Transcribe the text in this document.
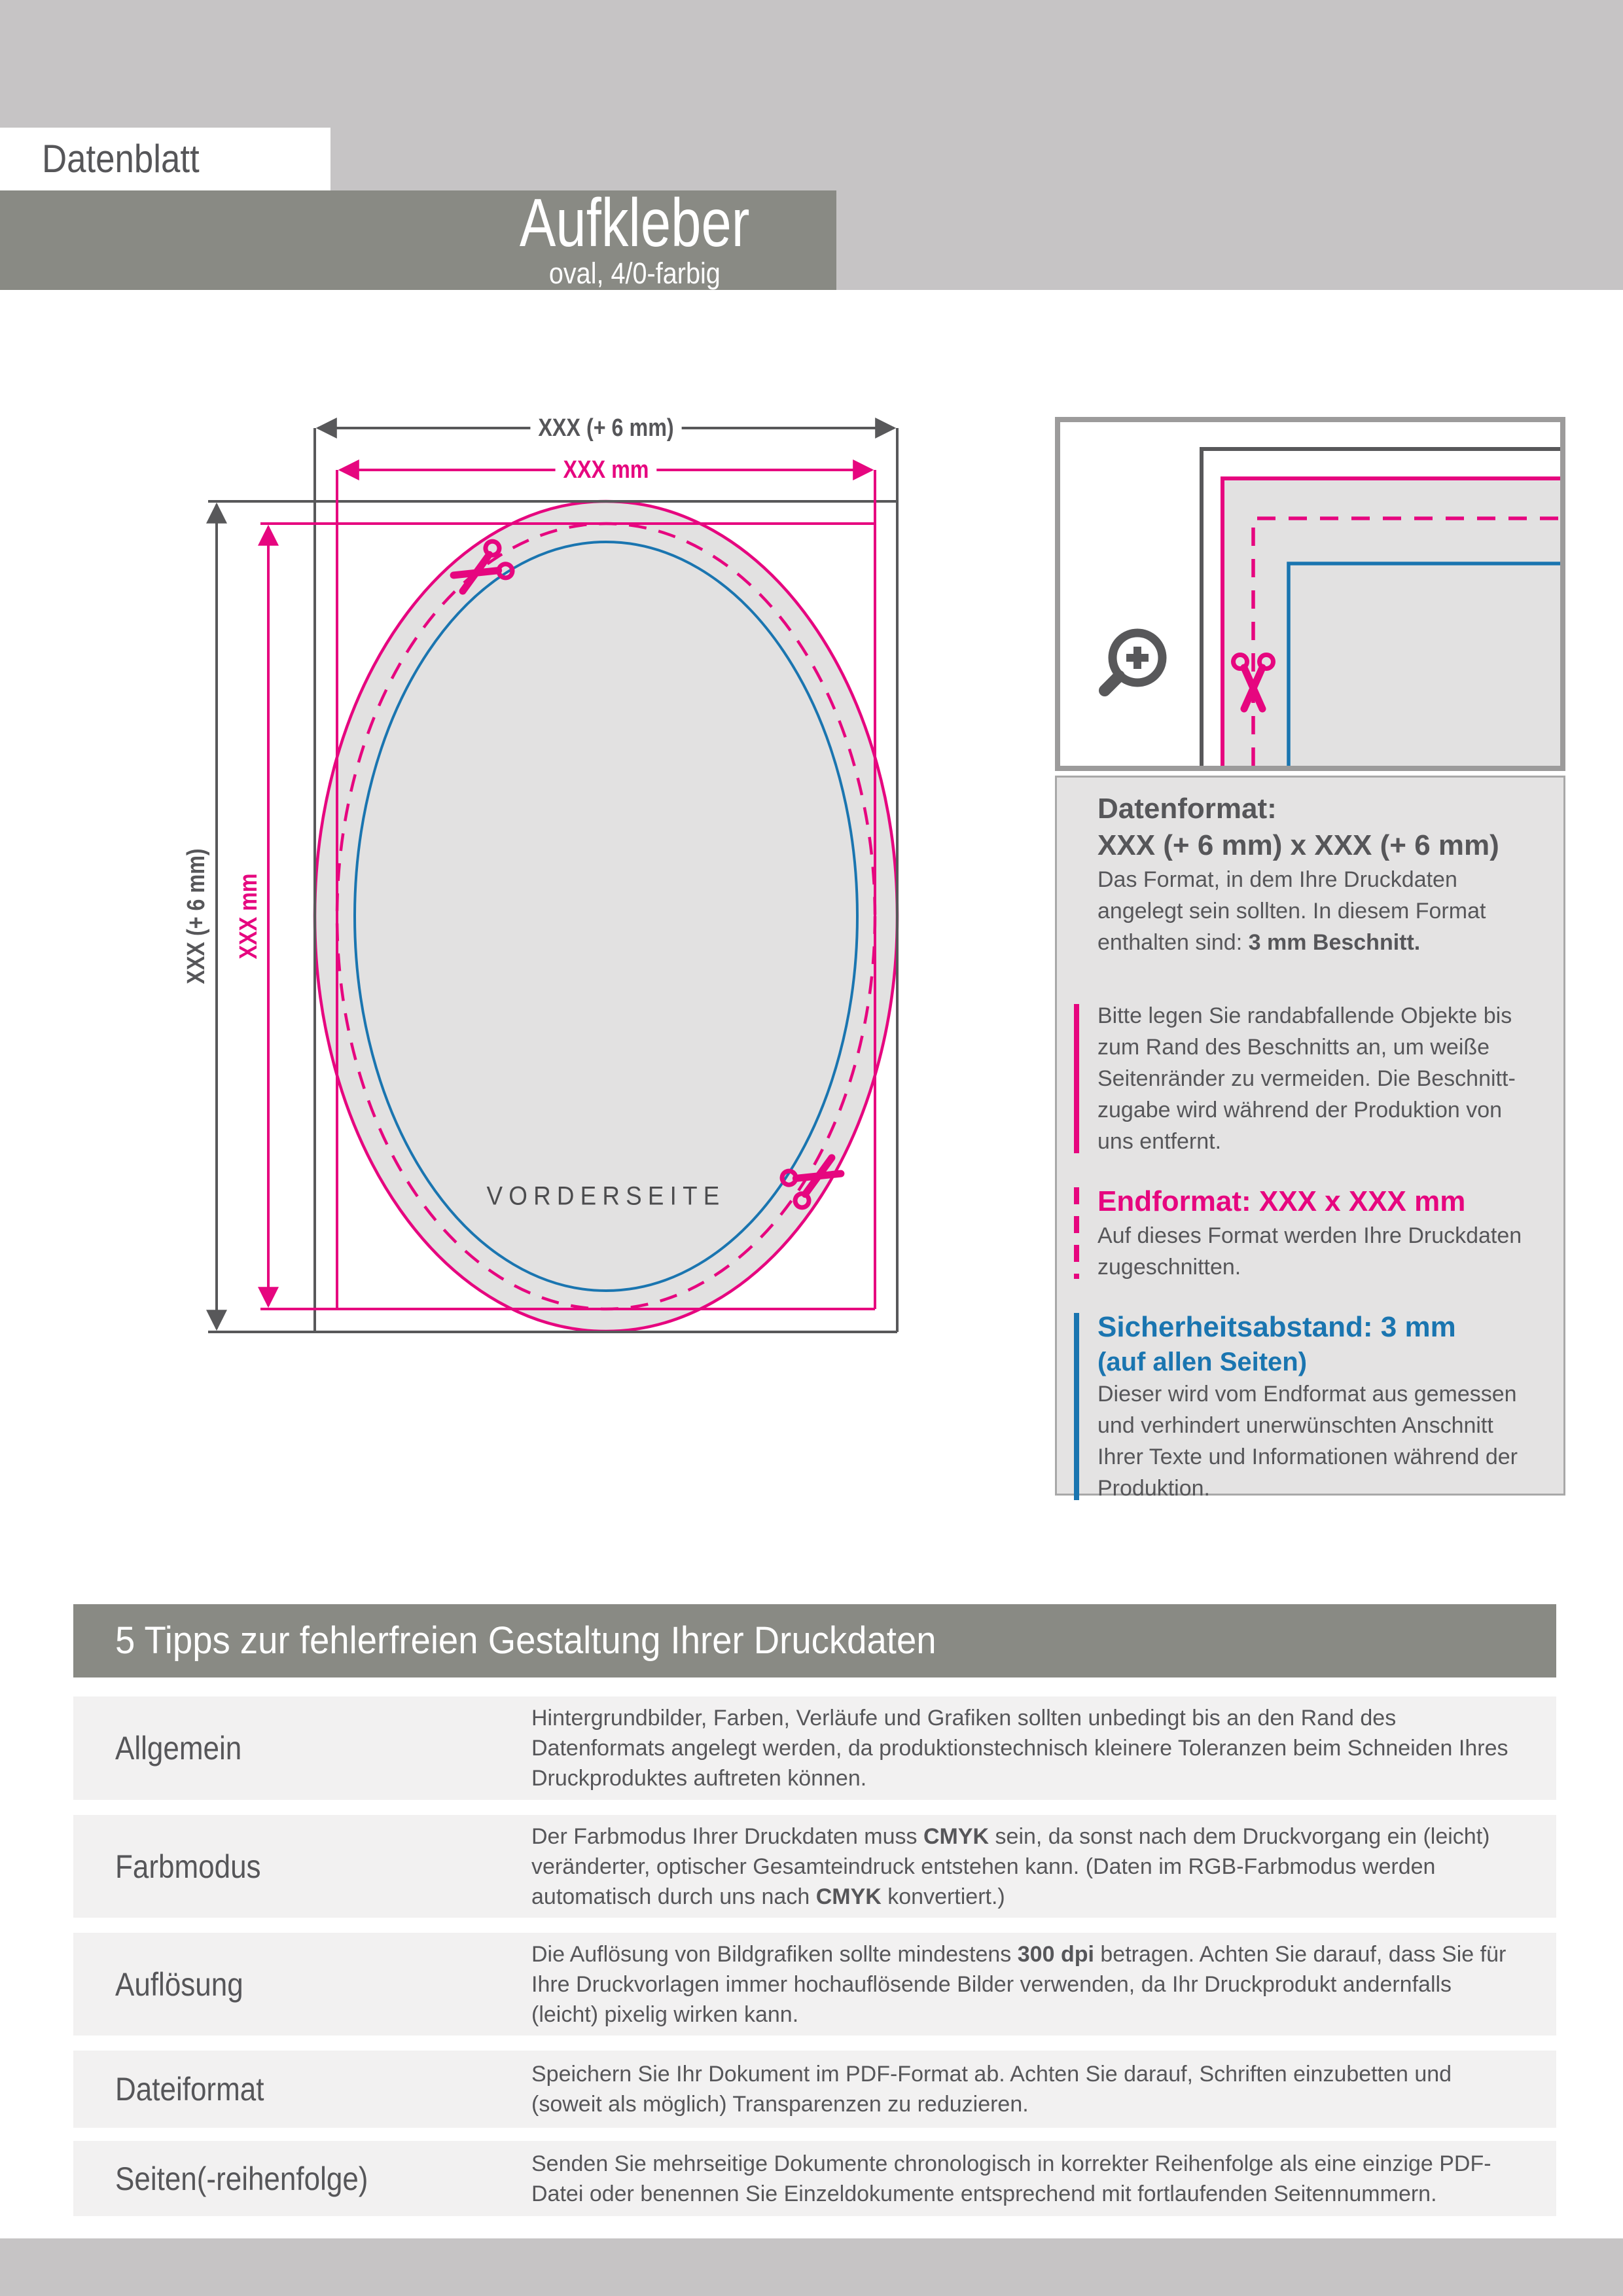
Datenblatt
Aufkleber
oval, 4/0-farbig
XXX (+ 6 mm)
XXX mm
XXX (+ 6 mm) XXX mm
VORDERSEITE
Datenformat:
XXX (+ 6 mm) x XXX (+ 6 mm)
Das Format, in dem Ihre Druckdaten angelegt sein sollten. In diesem Format enthalten sind: 3 mm Beschnitt.
Bitte legen Sie randabfallende Objekte bis zum Rand des Beschnitts an, um weiße Seitenränder zu vermeiden. Die Beschnittzugabe wird während der Produktion von uns entfernt.
Endformat: XXX x XXX mm
Auf dieses Format werden Ihre Druckdaten zugeschnitten.
Sicherheitsabstand: 3 mm
(auf allen Seiten)
Dieser wird vom Endformat aus gemessen und verhindert unerwünschten Anschnitt Ihrer Texte und Informationen während der Produktion.
5 Tipps zur fehlerfreien Gestaltung Ihrer Druckdaten
Allgemein
Hintergrundbilder, Farben, Verläufe und Grafiken sollten unbedingt bis an den Rand des Datenformats angelegt werden, da produktionstechnisch kleinere Toleranzen beim Schneiden Ihres Druckproduktes auftreten können.
Farbmodus
Der Farbmodus Ihrer Druckdaten muss CMYK sein, da sonst nach dem Druckvorgang ein (leicht) veränderter, optischer Gesamteindruck entstehen kann. (Daten im RGB-Farbmodus werden automatisch durch uns nach CMYK konvertiert.)
Auflösung
Die Auflösung von Bildgrafiken sollte mindestens 300 dpi betragen. Achten Sie darauf, dass Sie für Ihre Druckvorlagen immer hochauflösende Bilder verwenden, da Ihr Druckprodukt andernfalls (leicht) pixelig wirken kann.
Dateiformat	Speichern Sie Ihr Dokument im PDF-Format ab. Achten Sie darauf, Schriften einzubetten und (soweit als möglich) Transparenzen zu reduzieren.
Seiten(-reihenfolge)	Senden Sie mehrseitige Dokumente chronologisch in korrekter Reihenfolge als eine einzige PDF-Datei oder benennen Sie Einzeldokumente entsprechend mit fortlaufenden Seitennummern.
